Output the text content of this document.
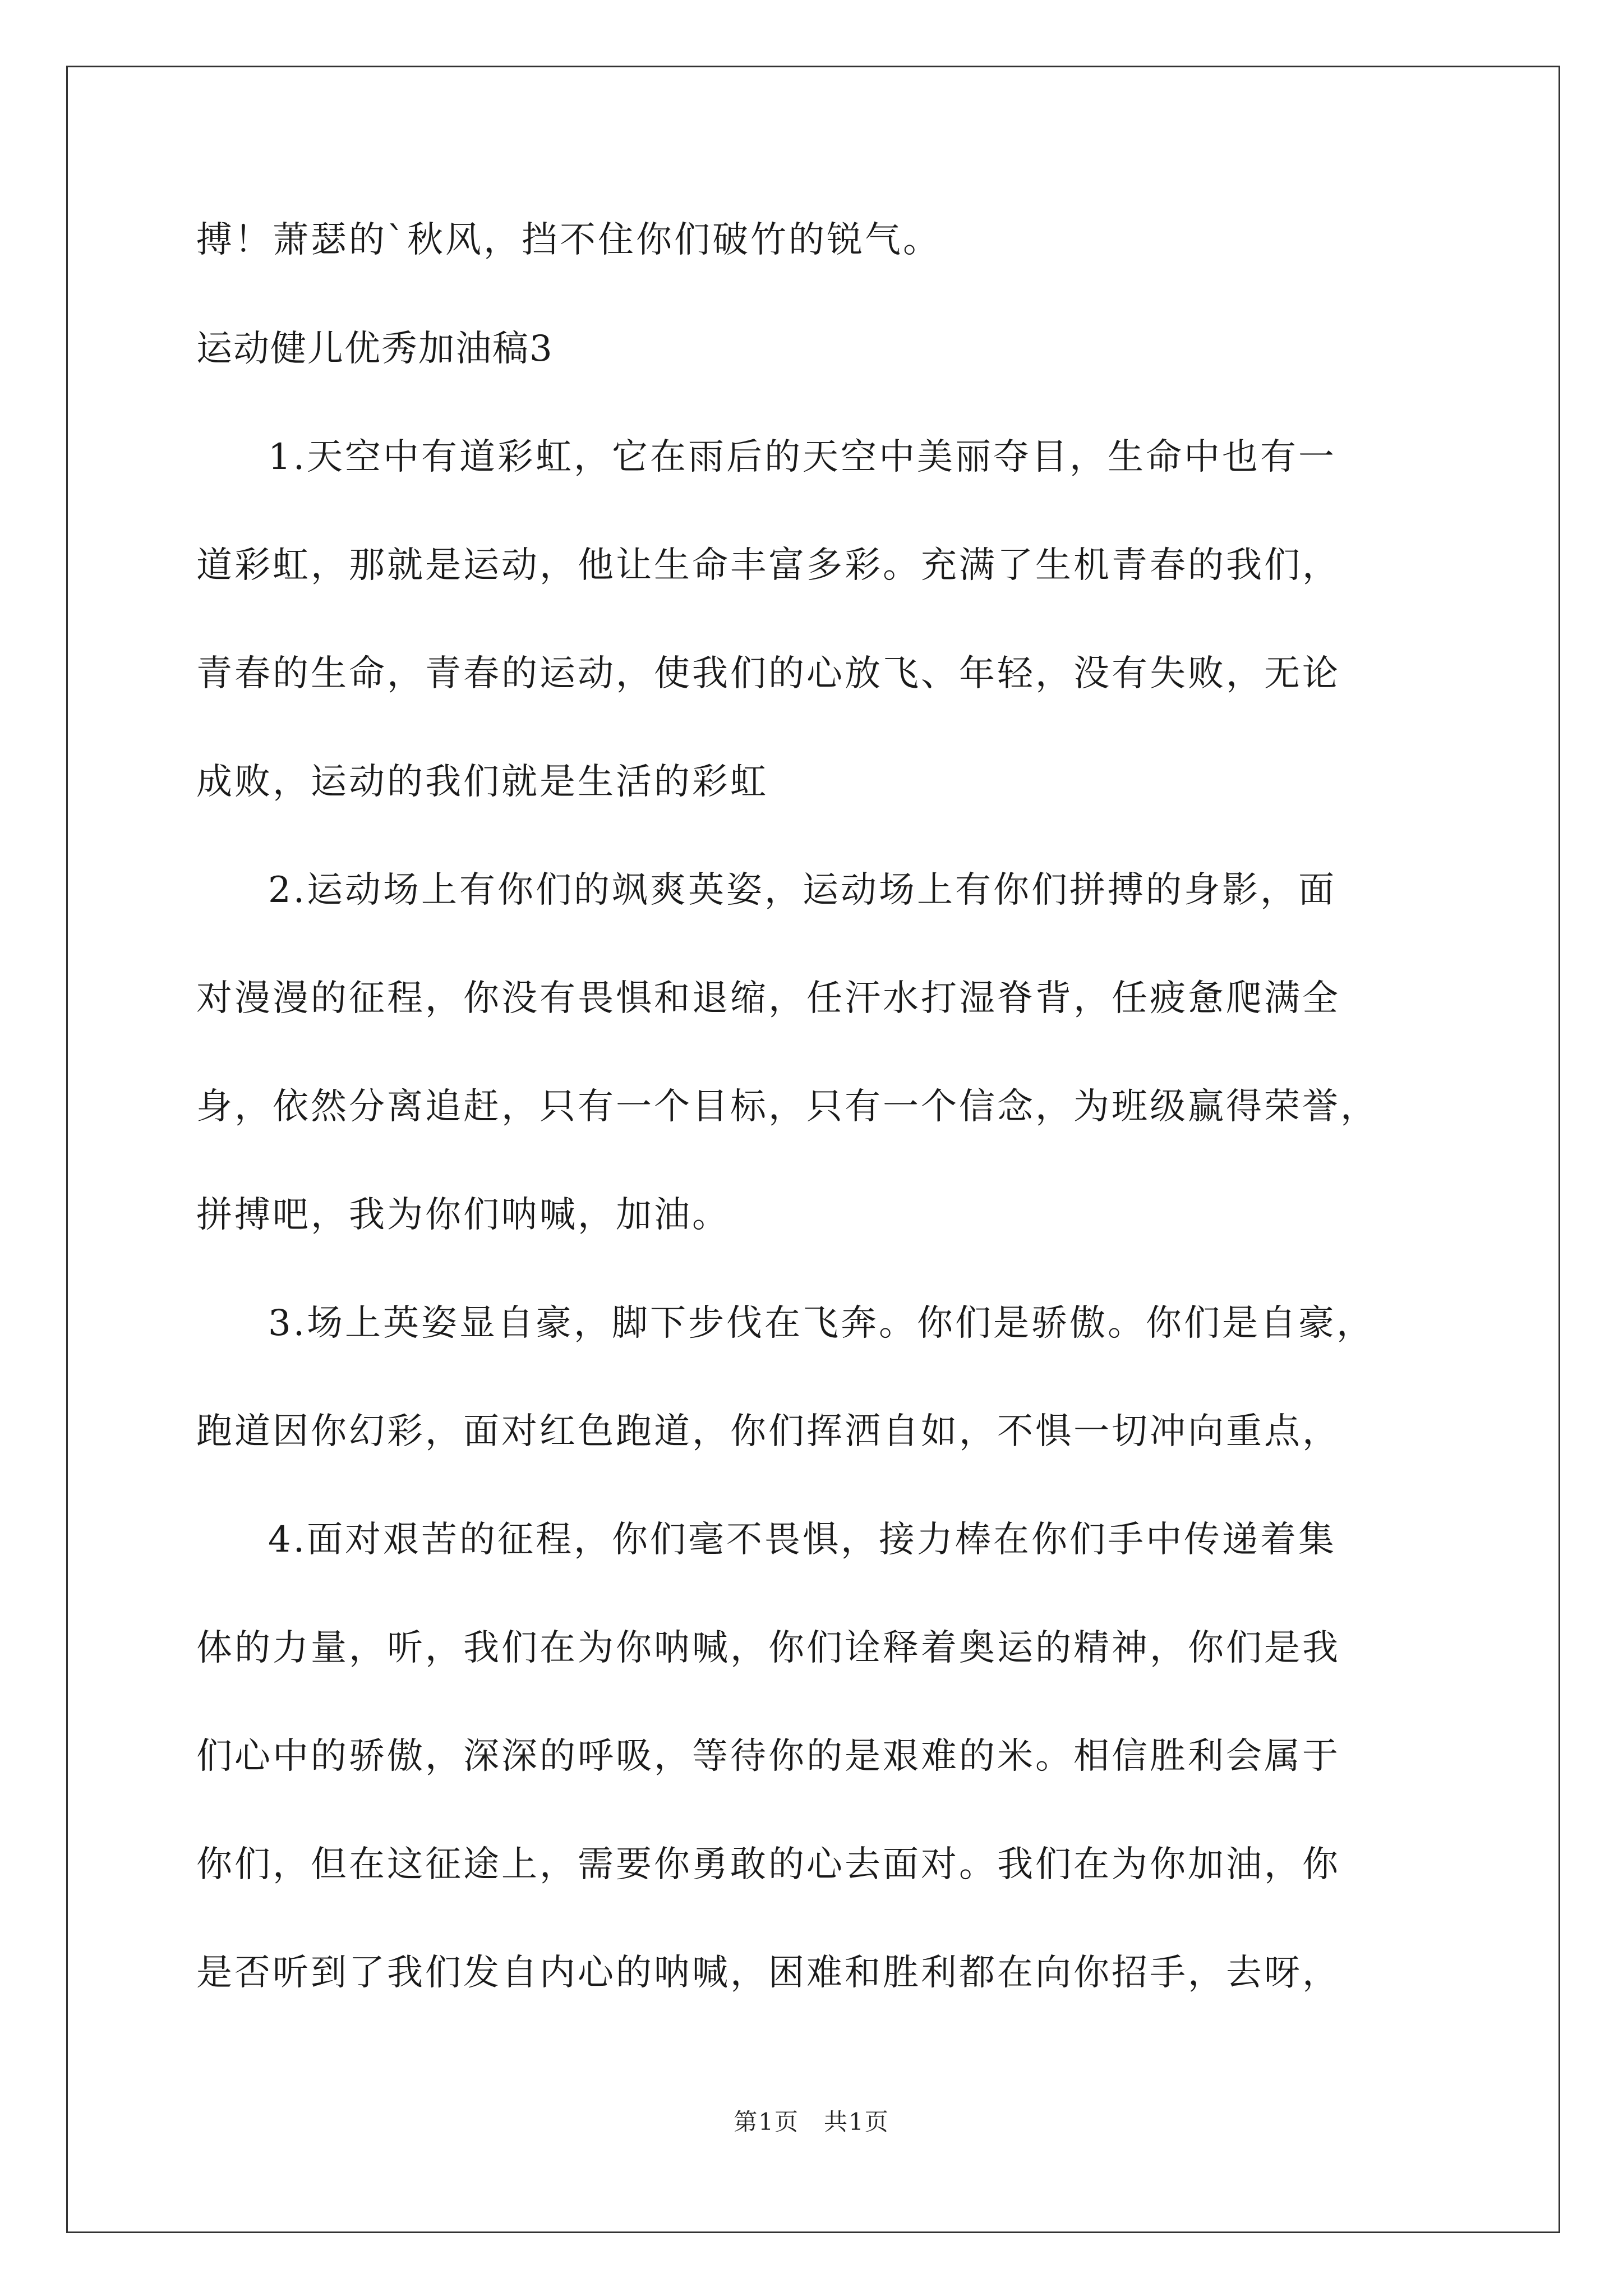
搏！萧瑟的`秋风，挡不住你们破竹的锐气。
运动健儿优秀加油稿3
1.天空中有道彩虹，它在雨后的天空中美丽夺目，生命中也有一
道彩虹，那就是运动，他让生命丰富多彩。充满了生机青春的我们，
青春的生命，青春的运动，使我们的心放飞、年轻，没有失败，无论
成败，运动的我们就是生活的彩虹
2.运动场上有你们的飒爽英姿，运动场上有你们拼搏的身影，面
对漫漫的征程，你没有畏惧和退缩，任汗水打湿脊背，任疲惫爬满全
身，依然分离追赶，只有一个目标，只有一个信念，为班级赢得荣誉，
拼搏吧，我为你们呐喊，加油。
3.场上英姿显自豪，脚下步伐在飞奔。你们是骄傲。你们是自豪，
跑道因你幻彩，面对红色跑道，你们挥洒自如，不惧一切冲向重点，
4.面对艰苦的征程，你们毫不畏惧，接力棒在你们手中传递着集
体的力量，听，我们在为你呐喊，你们诠释着奥运的精神，你们是我
们心中的骄傲，深深的呼吸，等待你的是艰难的米。相信胜利会属于
你们，但在这征途上，需要你勇敢的心去面对。我们在为你加油，你
是否听到了我们发自内心的呐喊，困难和胜利都在向你招手，去呀，
第1页 共1页
